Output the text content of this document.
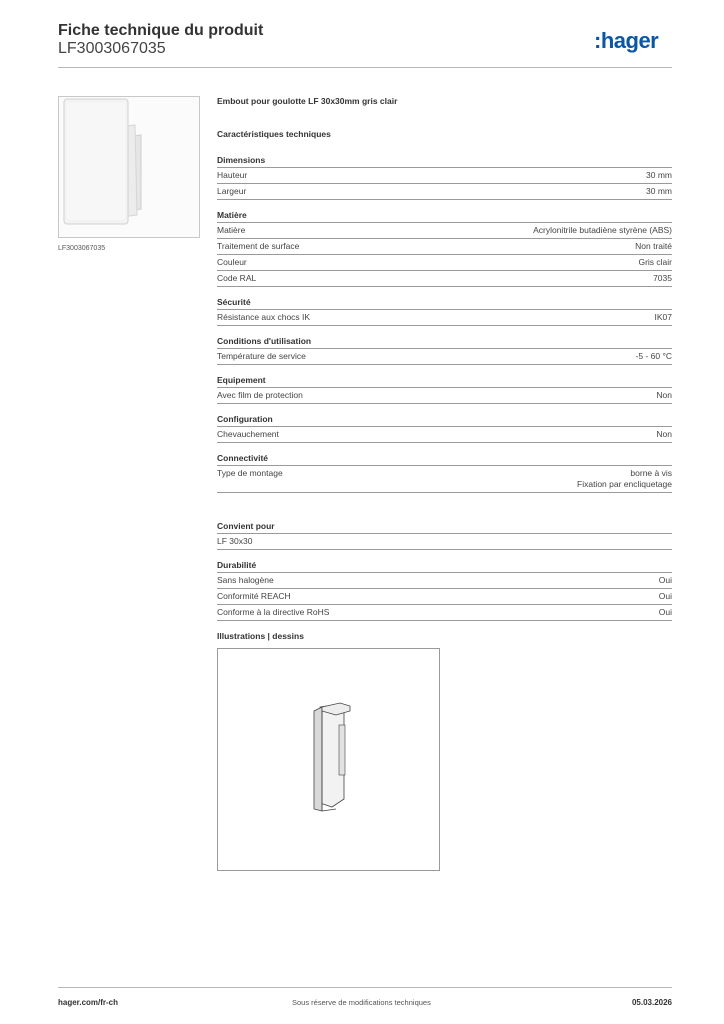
Fiche technique du produit
LF3003067035	:hager
LF3003067035
Embout pour goulotte LF 30x30mm gris clair
Caractéristiques techniques
Dimensions
Hauteur	30 mm
Largeur	30 mm
Matière
Matière	Acrylonitrile butadiène styrène (ABS)
Traitement de surface	Non traité
Couleur	Gris clair
Code RAL	7035
Sécurité
Résistance aux chocs IK	IK07
Conditions d'utilisation
Température de service	-5 - 60 °C
Equipement
Avec film de protection	Non
Configuration
Chevauchement	Non
Connectivité
Type de montage	borne à vis
Fixation par encliquetage
Convient pour
LF 30x30
Durabilité
Sans halogène	Oui
Conformité REACH	Oui
Conforme à la directive RoHS	Oui
Illustrations | dessins
hager.com/fr-ch	Sous réserve de modifications techniques	05.03.2026
